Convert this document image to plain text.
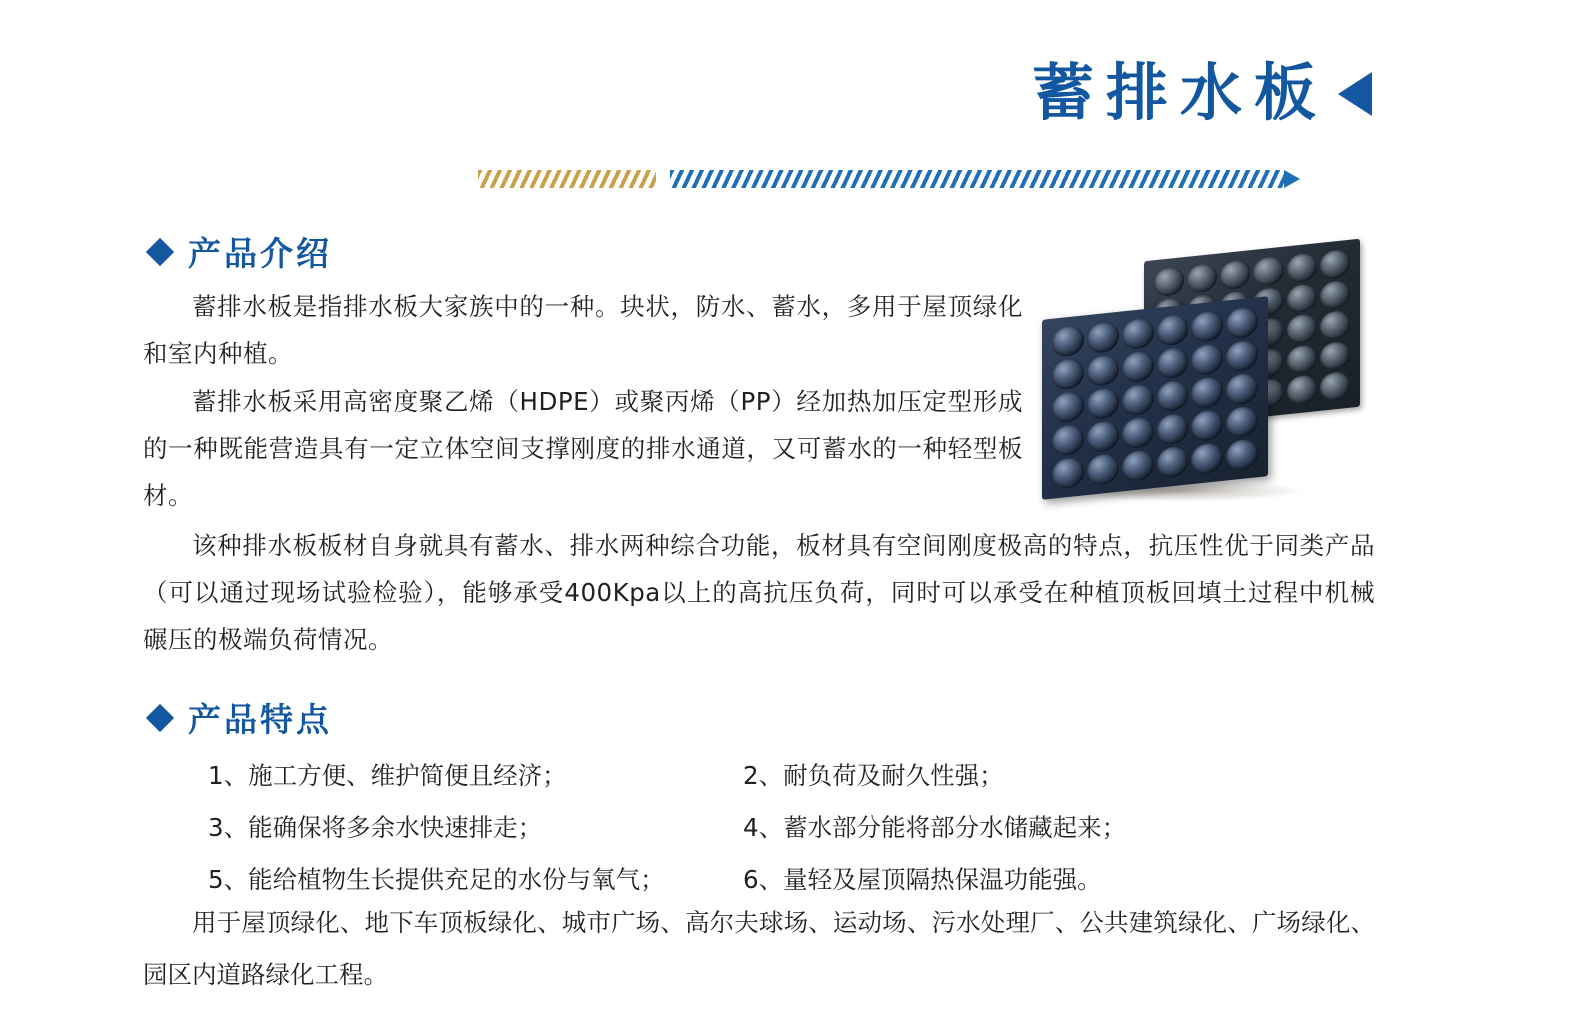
蓄排水板
产品介绍
蓄排水板是指排水板大家族中的一种。块状，防水、蓄水，多用于屋顶绿化和室内种植。
蓄排水板采用高密度聚乙烯（HDPE）或聚丙烯（PP）经加热加压定型形成的一种既能营造具有一定立体空间支撑刚度的排水通道，又可蓄水的一种轻型板材。
该种排水板板材自身就具有蓄水、排水两种综合功能，板材具有空间刚度极高的特点，抗压性优于同类产品（可以通过现场试验检验），能够承受400Kpa以上的高抗压负荷，同时可以承受在种植顶板回填土过程中机械碾压的极端负荷情况。
产品特点
1、施工方便、维护简便且经济；	2、耐负荷及耐久性强；
3、能确保将多余水快速排走；	4、蓄水部分能将部分水储藏起来；
5、能给植物生长提供充足的水份与氧气；	6、量轻及屋顶隔热保温功能强。
用于屋顶绿化、地下车顶板绿化、城市广场、高尔夫球场、运动场、污水处理厂、公共建筑绿化、广场绿化、园区内道路绿化工程。
